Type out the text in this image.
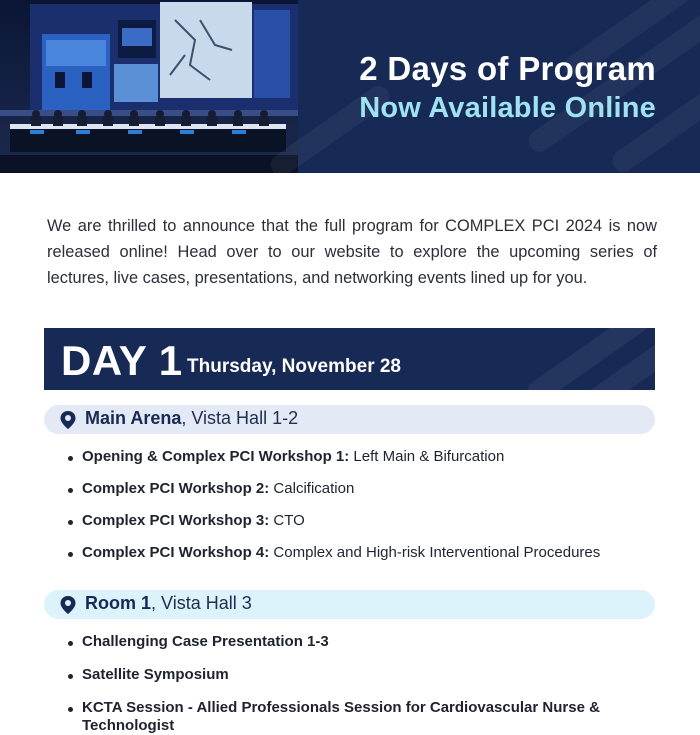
2 Days of Program
Now Available Online

We are thrilled to announce that the full program for COMPLEX PCI 2024 is now released online! Head over to our website to explore the upcoming series of lectures, live cases, presentations, and networking events lined up for you.

DAY 1 Thursday, November 28
Main Arena, Vista Hall 1-2
Opening & Complex PCI Workshop 1: Left Main & Bifurcation
Complex PCI Workshop 2: Calcification
Complex PCI Workshop 3: CTO
Complex PCI Workshop 4: Complex and High-risk Interventional Procedures
Room 1, Vista Hall 3
Challenging Case Presentation 1-3
Satellite Symposium
KCTA Session - Allied Professionals Session for Cardiovascular Nurse & Technologist
